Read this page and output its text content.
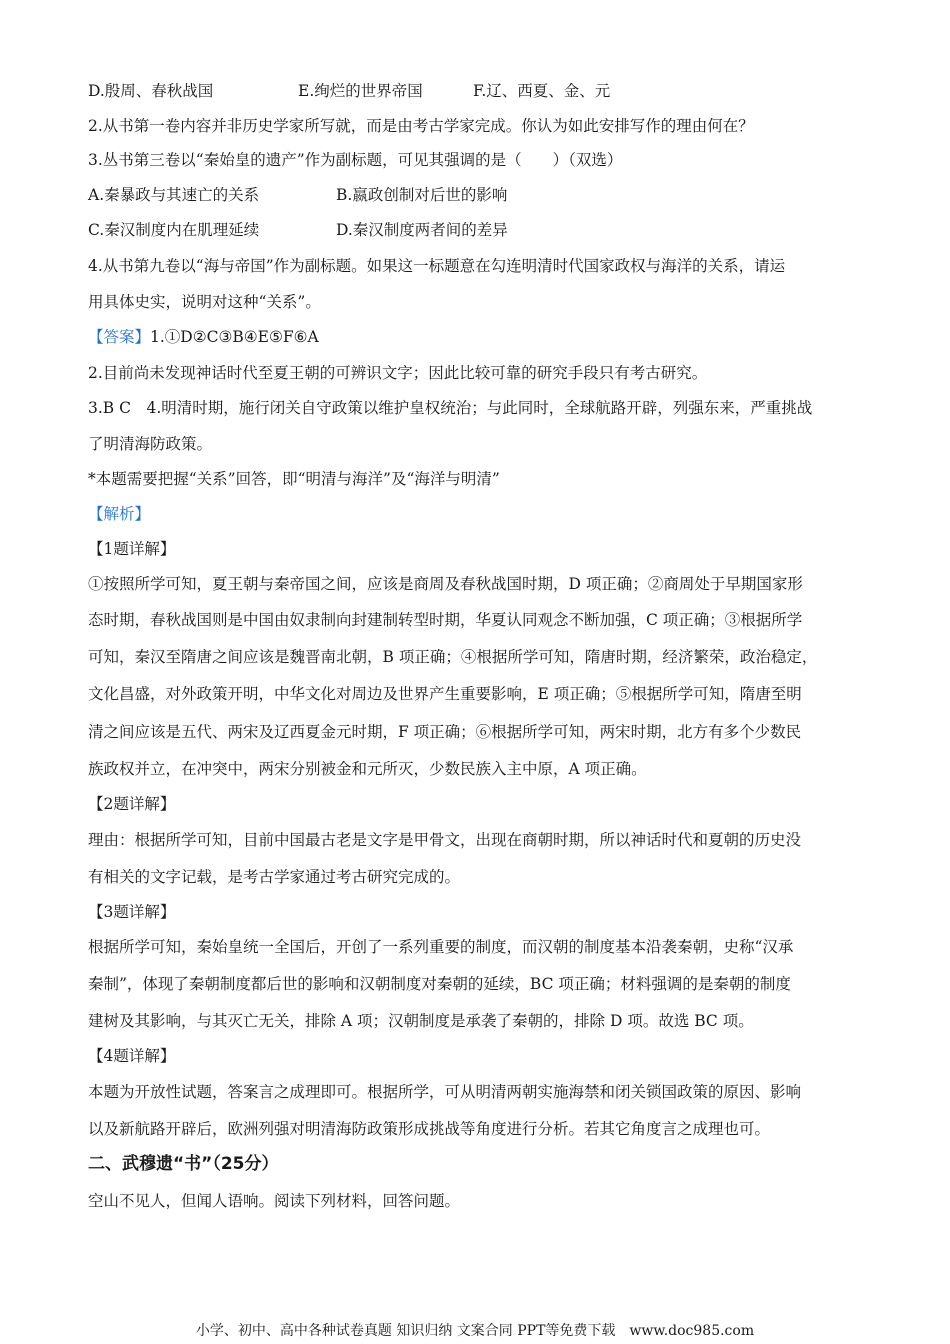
D.殷周、春秋战国	E.绚烂的世界帝国	F.辽、西夏、金、元
2.从书第一卷内容并非历史学家所写就，而是由考古学家完成。你认为如此安排写作的理由何在？
3.丛书第三卷以“秦始皇的遗产”作为副标题，可见其强调的是（　　）（双选）
A.秦暴政与其速亡的关系	B.嬴政创制对后世的影响
C.秦汉制度内在肌理延续	D.秦汉制度两者间的差异
4.从书第九卷以“海与帝国”作为副标题。如果这一标题意在勾连明清时代国家政权与海洋的关系，请运
用具体史实，说明对这种“关系”。
【答案】1.①D②C③B④E⑤F⑥A
2.目前尚未发现神话时代至夏王朝的可辨识文字；因此比较可靠的研究手段只有考古研究。
3.B C　4.明清时期，施行闭关自守政策以维护皇权统治；与此同时，全球航路开辟，列强东来，严重挑战
了明清海防政策。
*本题需要把握“关系”回答，即“明清与海洋”及“海洋与明清”
【解析】
【1题详解】
①按照所学可知，夏王朝与秦帝国之间，应该是商周及春秋战国时期，D 项正确；②商周处于早期国家形
态时期，春秋战国则是中国由奴隶制向封建制转型时期，华夏认同观念不断加强，C 项正确；③根据所学
可知，秦汉至隋唐之间应该是魏晋南北朝，B 项正确；④根据所学可知，隋唐时期，经济繁荣，政治稳定，
文化昌盛，对外政策开明，中华文化对周边及世界产生重要影响，E 项正确；⑤根据所学可知，隋唐至明
清之间应该是五代、两宋及辽西夏金元时期，F 项正确；⑥根据所学可知，两宋时期，北方有多个少数民
族政权并立，在冲突中，两宋分别被金和元所灭，少数民族入主中原，A 项正确。
【2题详解】
理由：根据所学可知，目前中国最古老是文字是甲骨文，出现在商朝时期，所以神话时代和夏朝的历史没
有相关的文字记载，是考古学家通过考古研究完成的。
【3题详解】
根据所学可知，秦始皇统一全国后，开创了一系列重要的制度，而汉朝的制度基本沿袭秦朝，史称“汉承
秦制”，体现了秦朝制度都后世的影响和汉朝制度对秦朝的延续，BC 项正确；材料强调的是秦朝的制度
建树及其影响，与其灭亡无关，排除 A 项；汉朝制度是承袭了秦朝的，排除 D 项。故选 BC 项。
【4题详解】
本题为开放性试题，答案言之成理即可。根据所学，可从明清两朝实施海禁和闭关锁国政策的原因、影响
以及新航路开辟后，欧洲列强对明清海防政策形成挑战等角度进行分析。若其它角度言之成理也可。
二、武穆遗“书”（25分）
空山不见人，但闻人语响。阅读下列材料，回答问题。
小学、初中、高中各种试卷真题 知识归纳 文案合同 PPT等免费下载　www.doc985.com
